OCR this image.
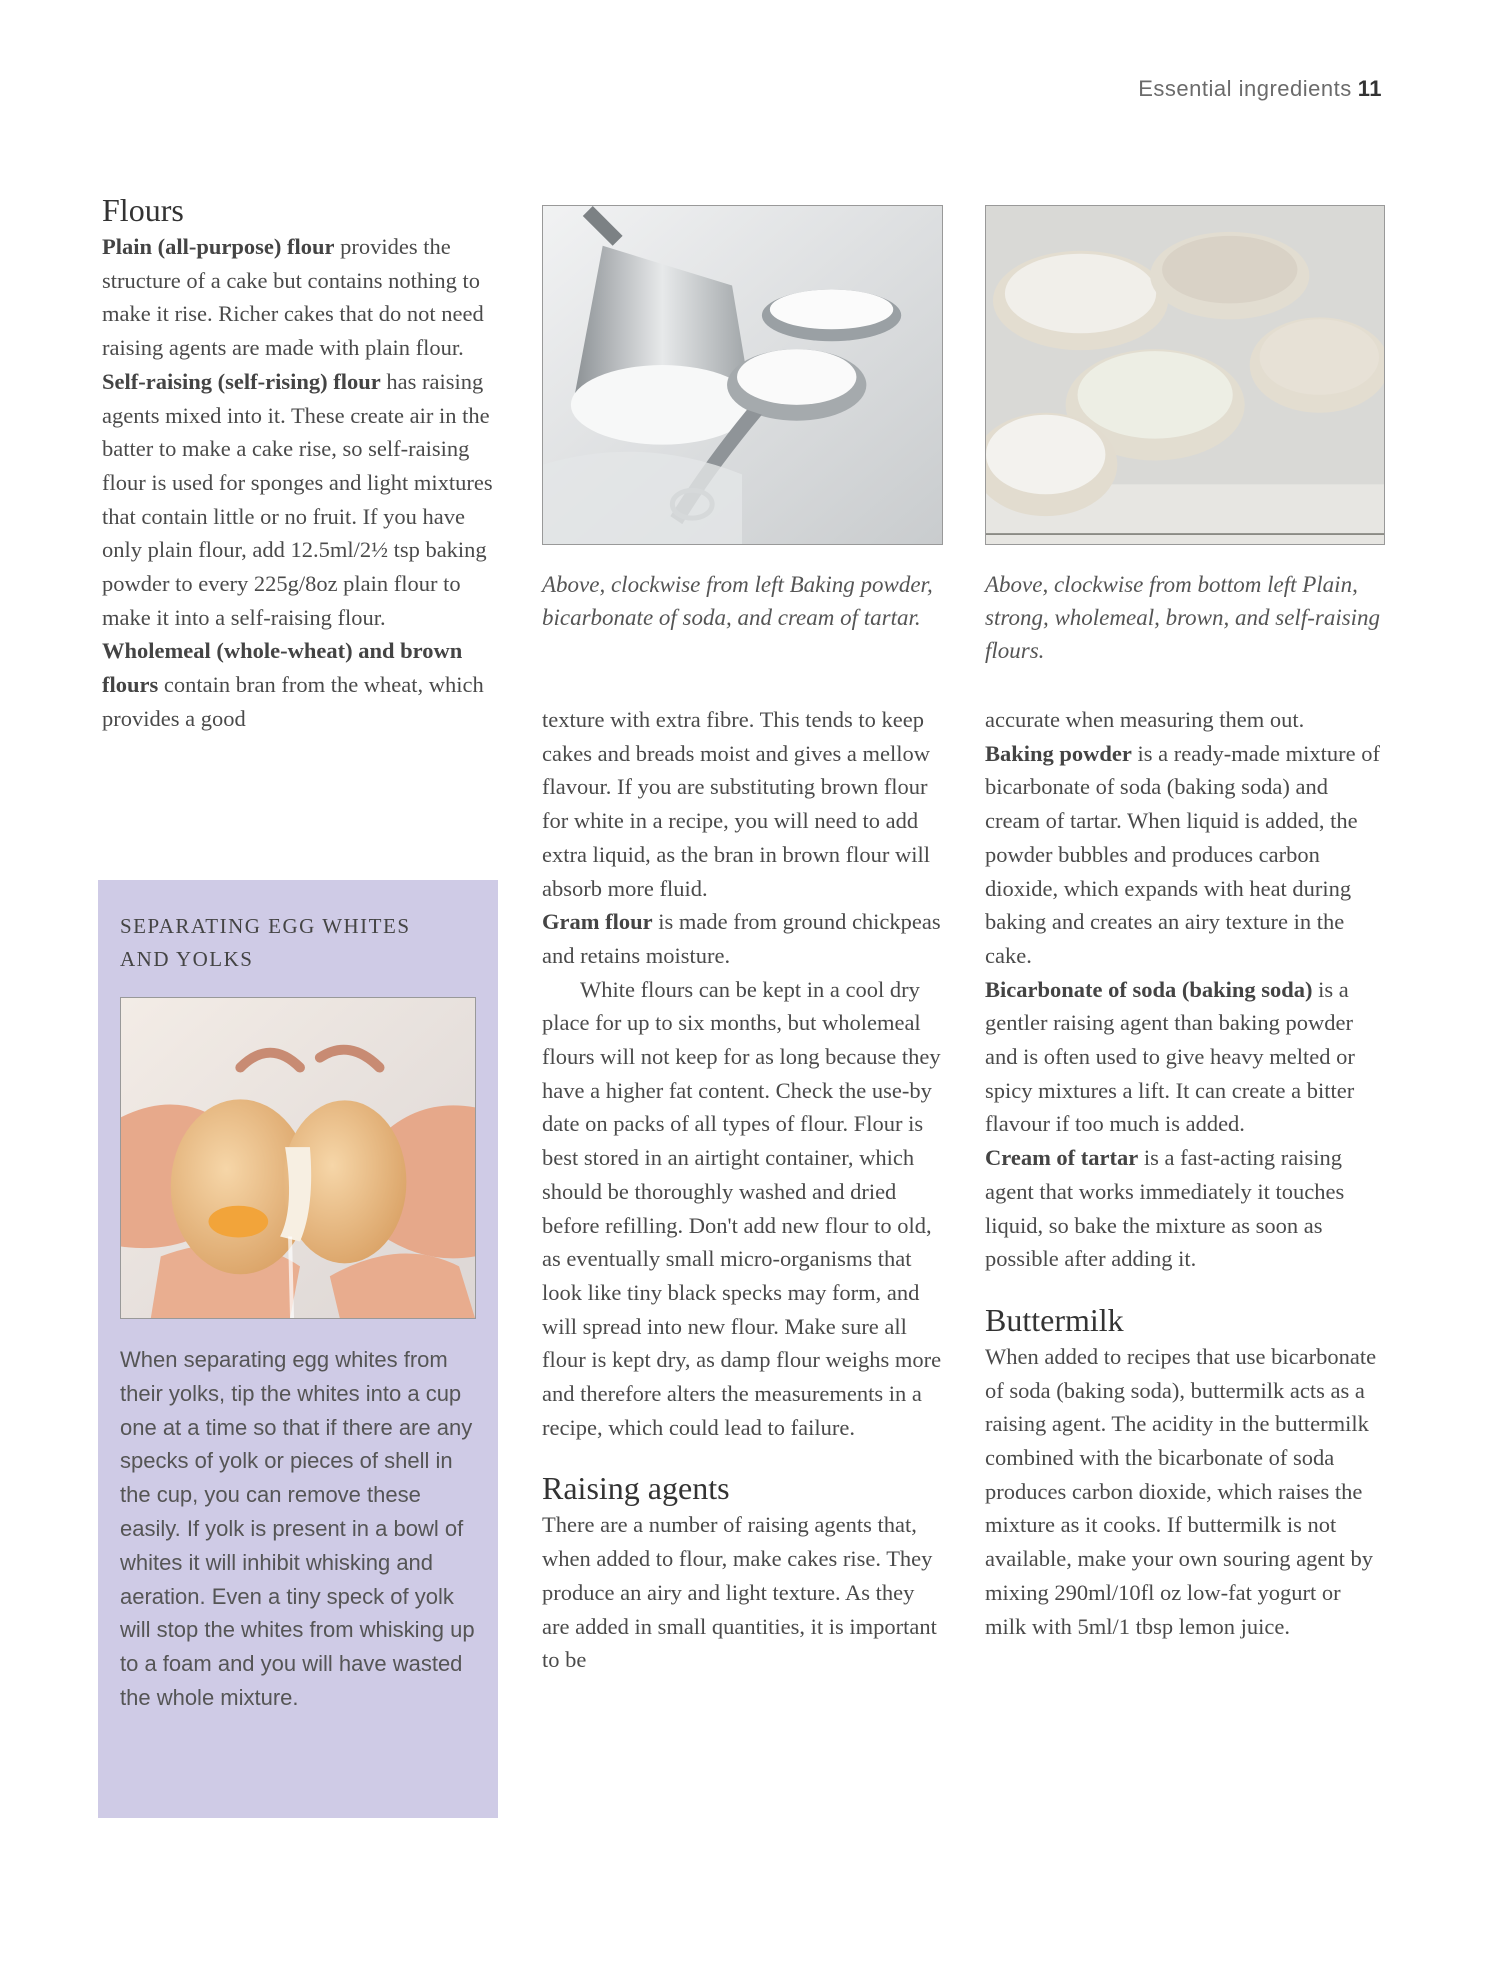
Essential ingredients 11
Flours

Plain (all-purpose) flour provides the structure of a cake but contains nothing to make it rise. Richer cakes that do not need raising agents are made with plain flour.

Self-raising (self-rising) flour has raising agents mixed into it. These create air in the batter to make a cake rise, so self-raising flour is used for sponges and light mixtures that contain little or no fruit. If you have only plain flour, add 12.5ml/2½ tsp baking powder to every 225g/8oz plain flour to make it into a self-raising flour.

Wholemeal (whole-wheat) and brown flours contain bran from the wheat, which provides a good

SEPARATING EGG WHITES AND YOLKS
When separating egg whites from their yolks, tip the whites into a cup one at a time so that if there are any specks of yolk or pieces of shell in the cup, you can remove these easily. If yolk is present in a bowl of whites it will inhibit whisking and aeration. Even a tiny speck of yolk will stop the whites from whisking up to a foam and you will have wasted the whole mixture.
Above, clockwise from left Baking powder, bicarbonate of soda, and cream of tartar.
Above, clockwise from bottom left Plain, strong, wholemeal, brown, and self-raising flours.

texture with extra fibre. This tends to keep cakes and breads moist and gives a mellow flavour. If you are substituting brown flour for white in a recipe, you will need to add extra liquid, as the bran in brown flour will absorb more fluid.

Gram flour is made from ground chickpeas and retains moisture.

White flours can be kept in a cool dry place for up to six months, but wholemeal flours will not keep for as long because they have a higher fat content. Check the use-by date on packs of all types of flour. Flour is best stored in an airtight container, which should be thoroughly washed and dried before refilling. Don't add new flour to old, as eventually small micro-organisms that look like tiny black specks may form, and will spread into new flour. Make sure all flour is kept dry, as damp flour weighs more and therefore alters the measurements in a recipe, which could lead to failure.

Raising agents

There are a number of raising agents that, when added to flour, make cakes rise. They produce an airy and light texture. As they are added in small quantities, it is important to be

accurate when measuring them out.

Baking powder is a ready-made mixture of bicarbonate of soda (baking soda) and cream of tartar. When liquid is added, the powder bubbles and produces carbon dioxide, which expands with heat during baking and creates an airy texture in the cake.

Bicarbonate of soda (baking soda) is a gentler raising agent than baking powder and is often used to give heavy melted or spicy mixtures a lift. It can create a bitter flavour if too much is added.

Cream of tartar is a fast-acting raising agent that works immediately it touches liquid, so bake the mixture as soon as possible after adding it.

Buttermilk

When added to recipes that use bicarbonate of soda (baking soda), buttermilk acts as a raising agent. The acidity in the buttermilk combined with the bicarbonate of soda produces carbon dioxide, which raises the mixture as it cooks. If buttermilk is not available, make your own souring agent by mixing 290ml/10fl oz low-fat yogurt or milk with 5ml/1 tbsp lemon juice.
